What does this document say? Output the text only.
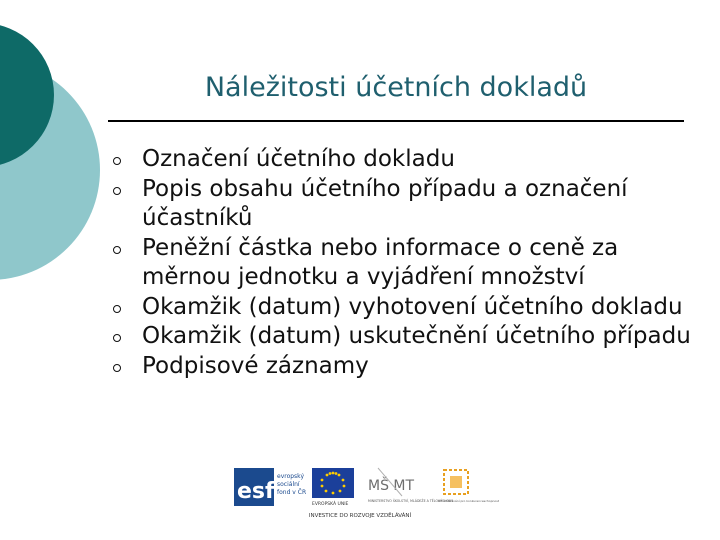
Náležitosti účetních dokladů
Označení účetního dokladu
Popis obsahu účetního případu a označení účastníků
Peněžní částka nebo informace o ceně za měrnou jednotku a vyjádření množství
Okamžik (datum) vyhotovení účetního dokladu
Okamžik (datum) uskutečnění účetního případu
Podpisové záznamy
esf
evropský
sociální
fond v ČR
EVROPSKÁ UNIE
MŠ MT
MINISTERSTVO ŠKOLSTVÍ, MLÁDEŽE A TĚLOVÝCHOVY
OP Vzdělávání pro konkurenceschopnost
INVESTICE DO ROZVOJE VZDĚLÁVÁNÍ
